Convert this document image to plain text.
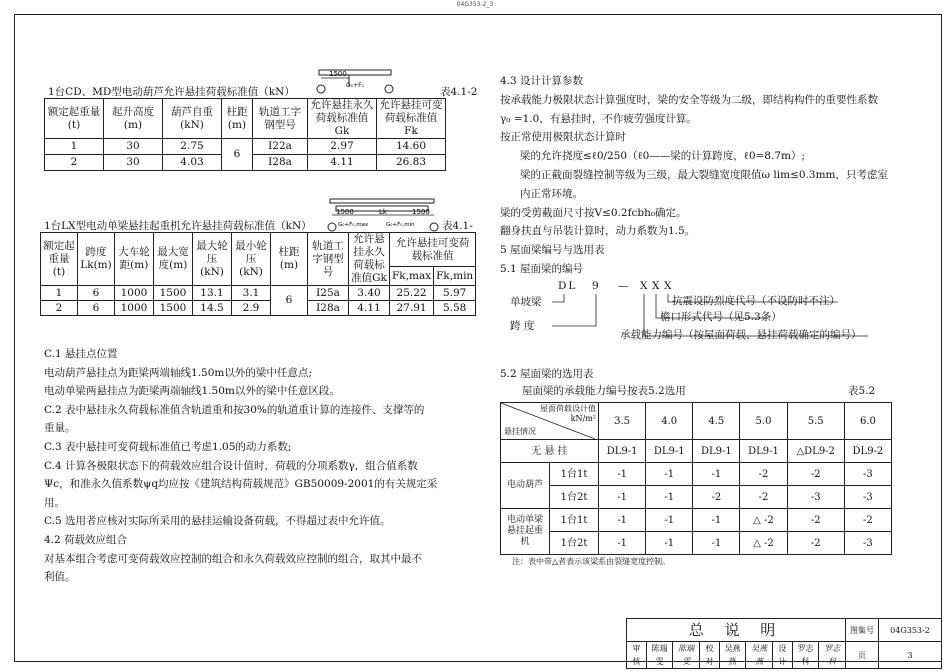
04G353-2_3
1台CD、MD型电动葫芦允许悬挂荷载标准值（kN）	表4.1-2
1500
G₀+F₀
额定起重量(t)	起升高度(m)	葫芦自重(kN)	柱距(m)	轨道工字钢型号	允许悬挂永久荷载标准值Gk	允许悬挂可变荷载标准值Fk
1	30	2.75	6	I22a	2.97	14.60
2	30	4.03		I28a	4.11	26.83
1台LX型电动单梁悬挂起重机允许悬挂荷载标准值（kN）	表4.1-
1500	Lk	1500
G₀+F₀,max	G₀+F₀,min
额定起重量(t)	跨度Lk(m)	大车轮距(m)	最大宽度(m)	最大轮压(kN)	最小轮压(kN)	柱距(m)	轨道工字钢型号	允许悬挂永久荷载标准值Gk	允许悬挂可变荷载标准值	
									Fk,max	Fk,min
1	6	1000	1500	13.1	3.1	6	I25a	3.40	25.22	5.97
2	6	1000	1500	14.5	2.9		I28a	4.11	27.91	5.58
C.1 悬挂点位置
电动葫芦悬挂点为距梁两端轴线1.50m以外的梁中任意点;
电动单梁两悬挂点为距梁两端轴线1.50m以外的梁中任意区段。
C.2 表中悬挂永久荷载标准值含轨道重和按30%的轨道重计算的连接件、支撑等的
重量。
C.3 表中悬挂可变荷载标准值已考虑1.05的动力系数;
C.4 计算各极限状态下的荷载效应组合设计值时，荷载的分项系数γ，组合值系数
Ψc，和准永久值系数ψq均应按《建筑结构荷载规范》GB50009-2001的有关规定采
用。
C.5 选用者应核对实际所采用的悬挂运输设备荷载，不得超过表中允许值。
4.2 荷载效应组合
对基本组合考虑可变荷载效应控制的组合和永久荷载效应控制的组合，取其中最不
利值。
4.3 设计计算参数
按承载能力极限状态计算强度时，梁的安全等级为二级，即结构构件的重要性系数
γ₀ =1.0，有悬挂时，不作疲劳强度计算。
按正常使用极限状态计算时
梁的允许挠度≤ℓ0/250（ℓ0——梁的计算跨度，ℓ0=8.7m）;
梁的正截面裂缝控制等级为三级，最大裂缝宽度限值ω lim≤0.3mm，只考虑室
内正常环境。
梁的受剪截面尺寸按V≤0.2fcbh₀确定。
翻身扶直与吊装计算时，动力系数为1.5。
5 屋面梁编号与选用表
5.1 屋面梁的编号
DL 9 — X X X
单坡梁
跨 度
抗震设防烈度代号（不设防时不注）
檐口形式代号（见5.3条）
承载能力编号（按屋面荷载、悬挂荷载确定的编号）
5.2 屋面梁的选用表
屋面梁的承载能力编号按表5.2选用	表5.2
屋面荷载设计值 kN/m²
悬挂情况		3.5	4.0	4.5	5.0	5.5	6.0
无 悬 挂		DL9-1	DL9-1	DL9-1	DL9-1	△DL9-2	DL9-2
电动葫芦	1台1t	-1	-1	-1	-2	-2	-3
	1台2t	-1	-1	-2	-2	-3	-3
电动单梁悬挂起重机	1台1t	-1	-1	-1	△ -2	-2	-2
	1台2t	-1	-1	-1	△ -2	-2	-3
注：表中带△者表示该梁系由裂缝宽度控制。
总 说 明									图集号	04G353-2
审核	陈瑞雯	陈瑞雯	校对	吴燕燕	吴燕燕	设计	罗志科	罗志科	页	3
